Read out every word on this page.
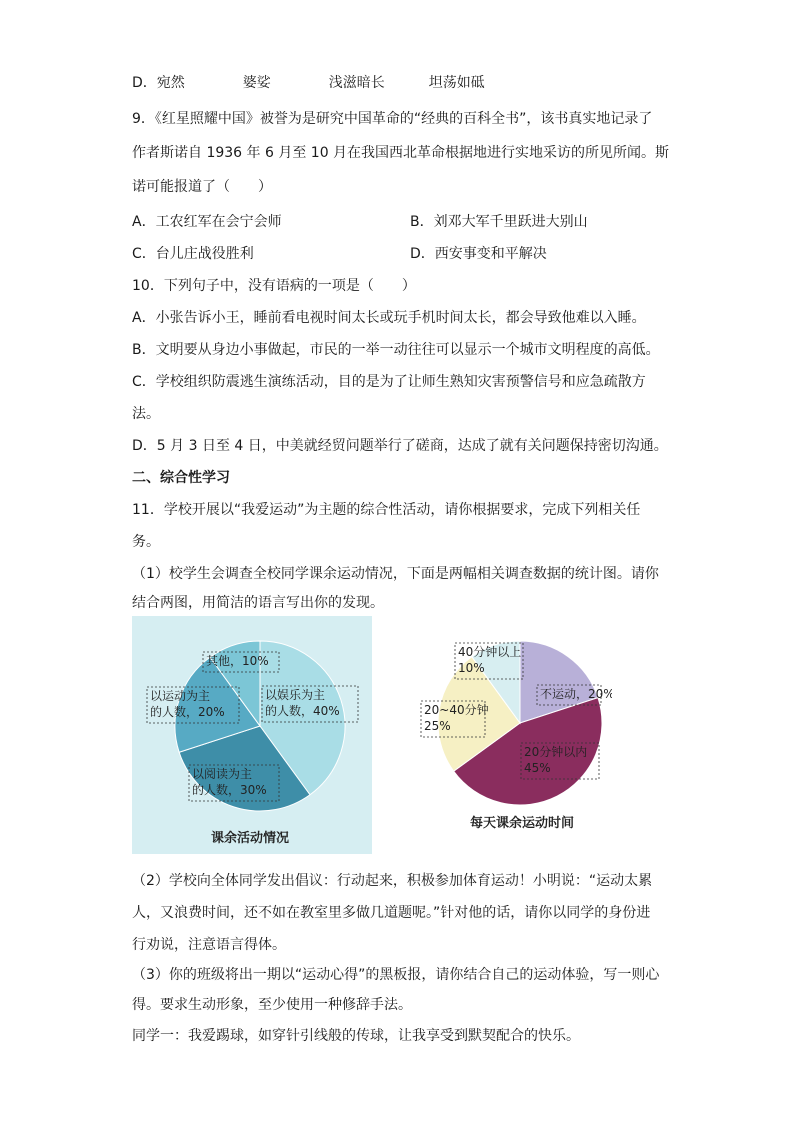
D．宛然	婆娑	浅滋暗长	坦荡如砥
9．《红星照耀中国》被誉为是研究中国革命的“经典的百科全书”，该书真实地记录了
作者斯诺自 1936 年 6 月至 10 月在我国西北革命根据地进行实地采访的所见所闻。斯
诺可能报道了（　　）
A．工农红军在会宁会师	B．刘邓大军千里跃进大别山
C．台儿庄战役胜利	D．西安事变和平解决
10．下列句子中，没有语病的一项是（　　）
A．小张告诉小王，睡前看电视时间太长或玩手机时间太长，都会导致他难以入睡。
B．文明要从身边小事做起，市民的一举一动往往可以显示一个城市文明程度的高低。
C．学校组织防震逃生演练活动，目的是为了让师生熟知灾害预警信号和应急疏散方
法。
D．5 月 3 日至 4 日，中美就经贸问题举行了磋商，达成了就有关问题保持密切沟通。
二、综合性学习
11．学校开展以“我爱运动”为主题的综合性活动，请你根据要求，完成下列相关任
务。
（1）校学生会调查全校同学课余运动情况，下面是两幅相关调查数据的统计图。请你
结合两图，用简洁的语言写出你的发现。
以娱乐为主
的人数，40%
以阅读为主
的人数，30%
以运动为主
的人数，20%
其他，10%
课余活动情况
不运动，20%
20分钟以内
45%
20~40分钟
25%
40分钟以上
10%
每天课余运动时间
（2）学校向全体同学发出倡议：行动起来，积极参加体育运动！小明说：“运动太累
人，又浪费时间，还不如在教室里多做几道题呢。”针对他的话，请你以同学的身份进
行劝说，注意语言得体。
（3）你的班级将出一期以“运动心得”的黑板报，请你结合自己的运动体验，写一则心
得。要求生动形象，至少使用一种修辞手法。
同学一：我爱踢球，如穿针引线般的传球，让我享受到默契配合的快乐。
